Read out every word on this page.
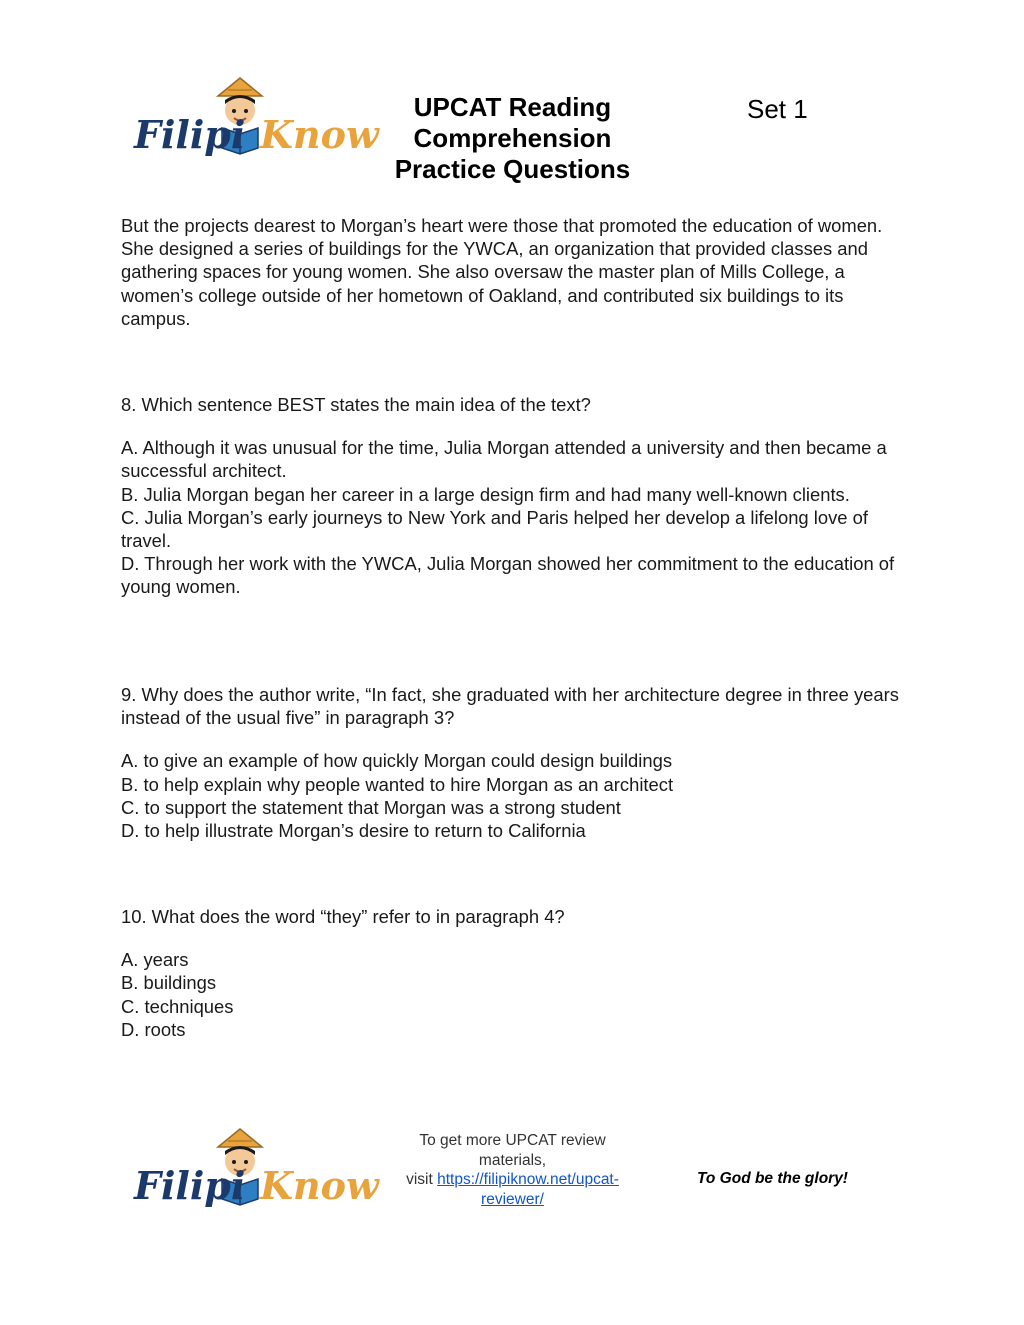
Filipi Know
UPCAT Reading
Comprehension
Practice Questions
Set 1

But the projects dearest to Morgan’s heart were those that promoted the education of women. She designed a series of buildings for the YWCA, an organization that provided classes and gathering spaces for young women. She also oversaw the master plan of Mills College, a women’s college outside of her hometown of Oakland, and contributed six buildings to its campus.

8. Which sentence BEST states the main idea of the text?

A. Although it was unusual for the time, Julia Morgan attended a university and then became a successful architect.
B. Julia Morgan began her career in a large design firm and had many well-known clients.
C. Julia Morgan’s early journeys to New York and Paris helped her develop a lifelong love of travel.
D. Through her work with the YWCA, Julia Morgan showed her commitment to the education of young women.

9. Why does the author write, “In fact, she graduated with her architecture degree in three years instead of the usual five” in paragraph 3?

A. to give an example of how quickly Morgan could design buildings
B. to help explain why people wanted to hire Morgan as an architect
C. to support the statement that Morgan was a strong student
D. to help illustrate Morgan’s desire to return to California

10. What does the word “they” refer to in paragraph 4?

A. years
B. buildings
C. techniques
D. roots
Filipi Know
To get more UPCAT review materials,
visit https://filipiknow.net/upcat-reviewer/
To God be the glory!
